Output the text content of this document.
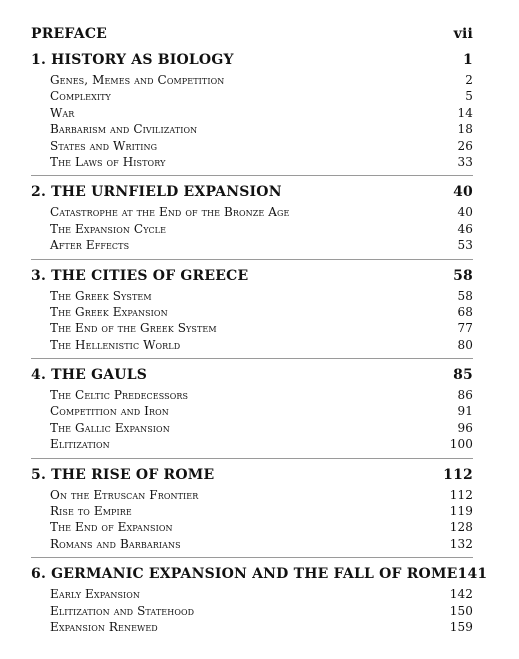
PREFACE	vii
1. HISTORY AS BIOLOGY	1
Genes, Memes and Competition	2
Complexity	5
War	14
Barbarism and Civilization	18
States and Writing	26
The Laws of History	33
2. THE URNFIELD EXPANSION	40
Catastrophe at the End of the Bronze Age	40
The Expansion Cycle	46
After Effects	53
3. THE CITIES OF GREECE	58
The Greek System	58
The Greek Expansion	68
The End of the Greek System	77
The Hellenistic World	80
4. THE GAULS	85
The Celtic Predecessors	86
Competition and Iron	91
The Gallic Expansion	96
Elitization	100
5. THE RISE OF ROME	112
On the Etruscan Frontier	112
Rise to Empire	119
The End of Expansion	128
Romans and Barbarians	132
6. GERMANIC EXPANSION AND THE FALL OF ROME 141
Early Expansion	142
Elitization and Statehood	150
Expansion Renewed	159
